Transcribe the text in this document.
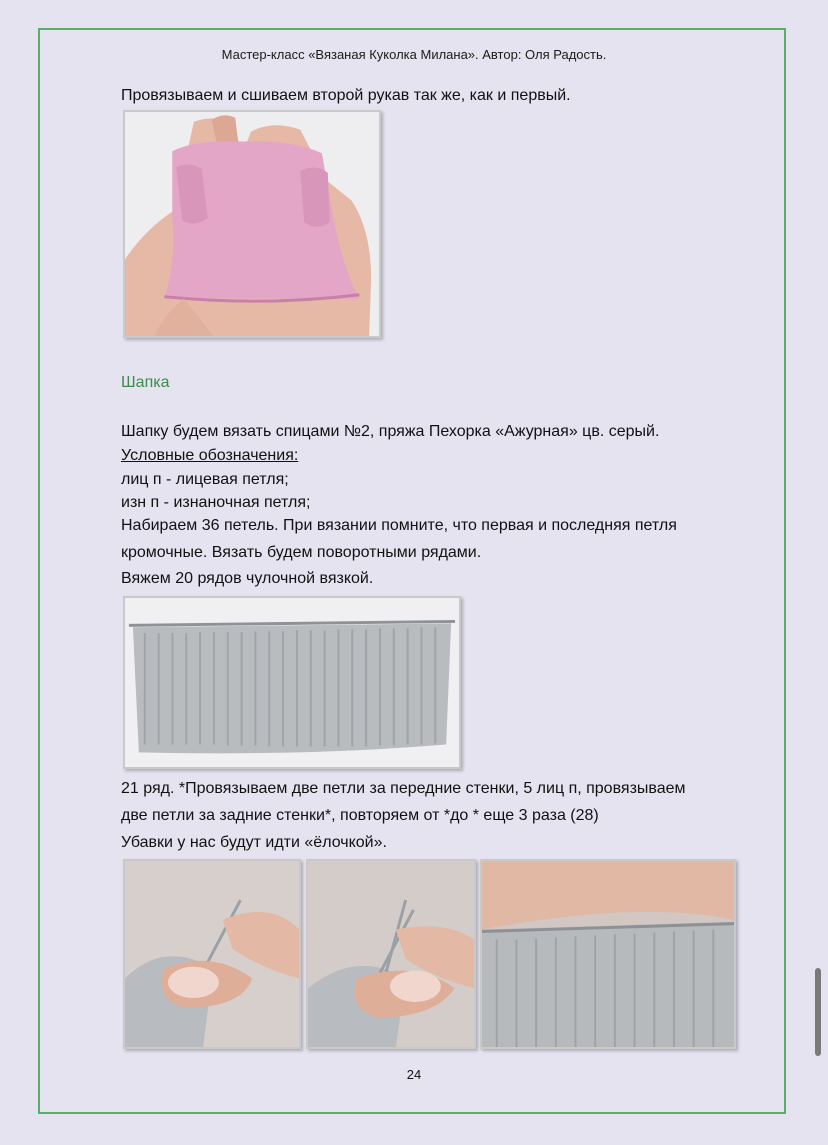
Мастер-класс «Вязаная Куколка Милана». Автор: Оля Радость.

Провязываем и сшиваем второй рукав так же, как и первый.

Шапка

Шапку будем вязать спицами №2, пряжа Пехорка «Ажурная» цв. серый.

Условные обозначения:

лиц п - лицевая петля;

изн п - изнаночная петля;

Набираем 36 петель. При вязании помните, что первая и последняя петля

кромочные. Вязать будем поворотными рядами.

Вяжем 20 рядов чулочной вязкой.

21 ряд. *Провязываем две петли за передние стенки, 5 лиц п, провязываем

две петли за задние стенки*, повторяем от *до * еще 3 раза (28)

Убавки у нас будут идти «ёлочкой».

24
